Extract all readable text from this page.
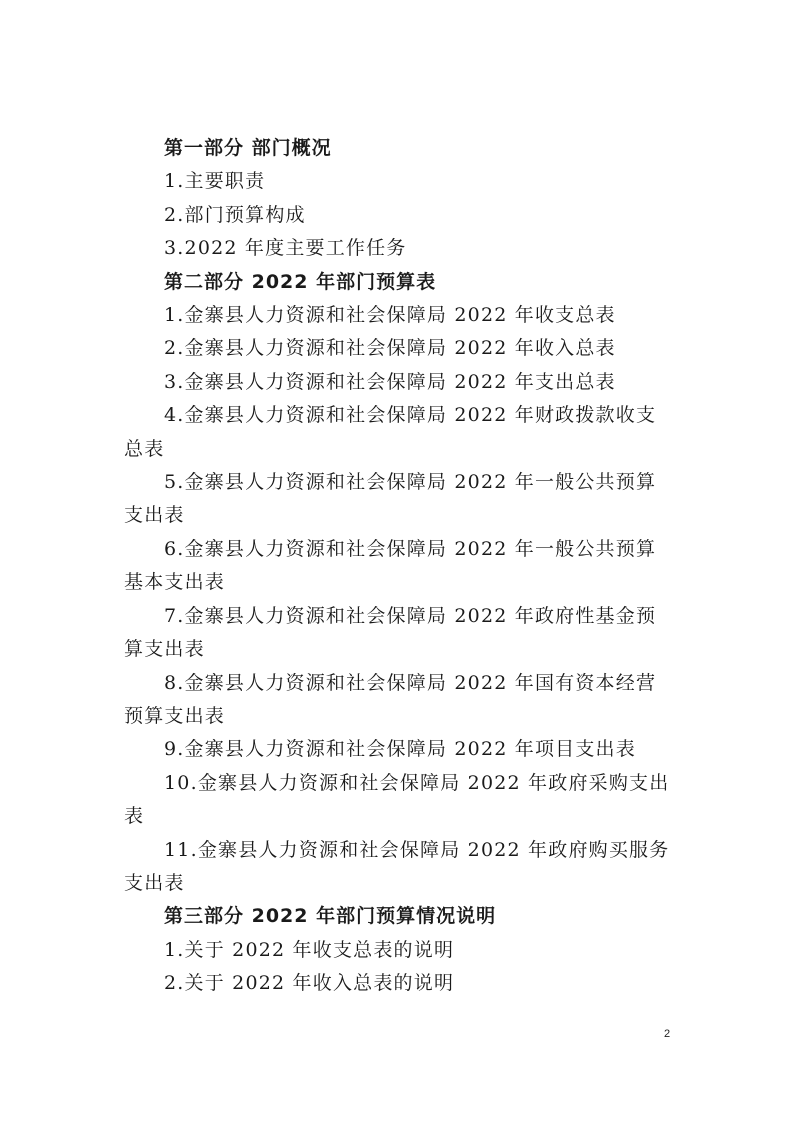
第一部分 部门概况

1.主要职责

2.部门预算构成

3.2022 年度主要工作任务

第二部分 2022 年部门预算表

1.金寨县人力资源和社会保障局 2022 年收支总表

2.金寨县人力资源和社会保障局 2022 年收入总表

3.金寨县人力资源和社会保障局 2022 年支出总表

4.金寨县人力资源和社会保障局 2022 年财政拨款收支总表

5.金寨县人力资源和社会保障局 2022 年一般公共预算支出表

6.金寨县人力资源和社会保障局 2022 年一般公共预算基本支出表

7.金寨县人力资源和社会保障局 2022 年政府性基金预算支出表

8.金寨县人力资源和社会保障局 2022 年国有资本经营预算支出表

9.金寨县人力资源和社会保障局 2022 年项目支出表

10.金寨县人力资源和社会保障局 2022 年政府采购支出表

11.金寨县人力资源和社会保障局 2022 年政府购买服务支出表

第三部分 2022 年部门预算情况说明

1.关于 2022 年收支总表的说明

2.关于 2022 年收入总表的说明

2
